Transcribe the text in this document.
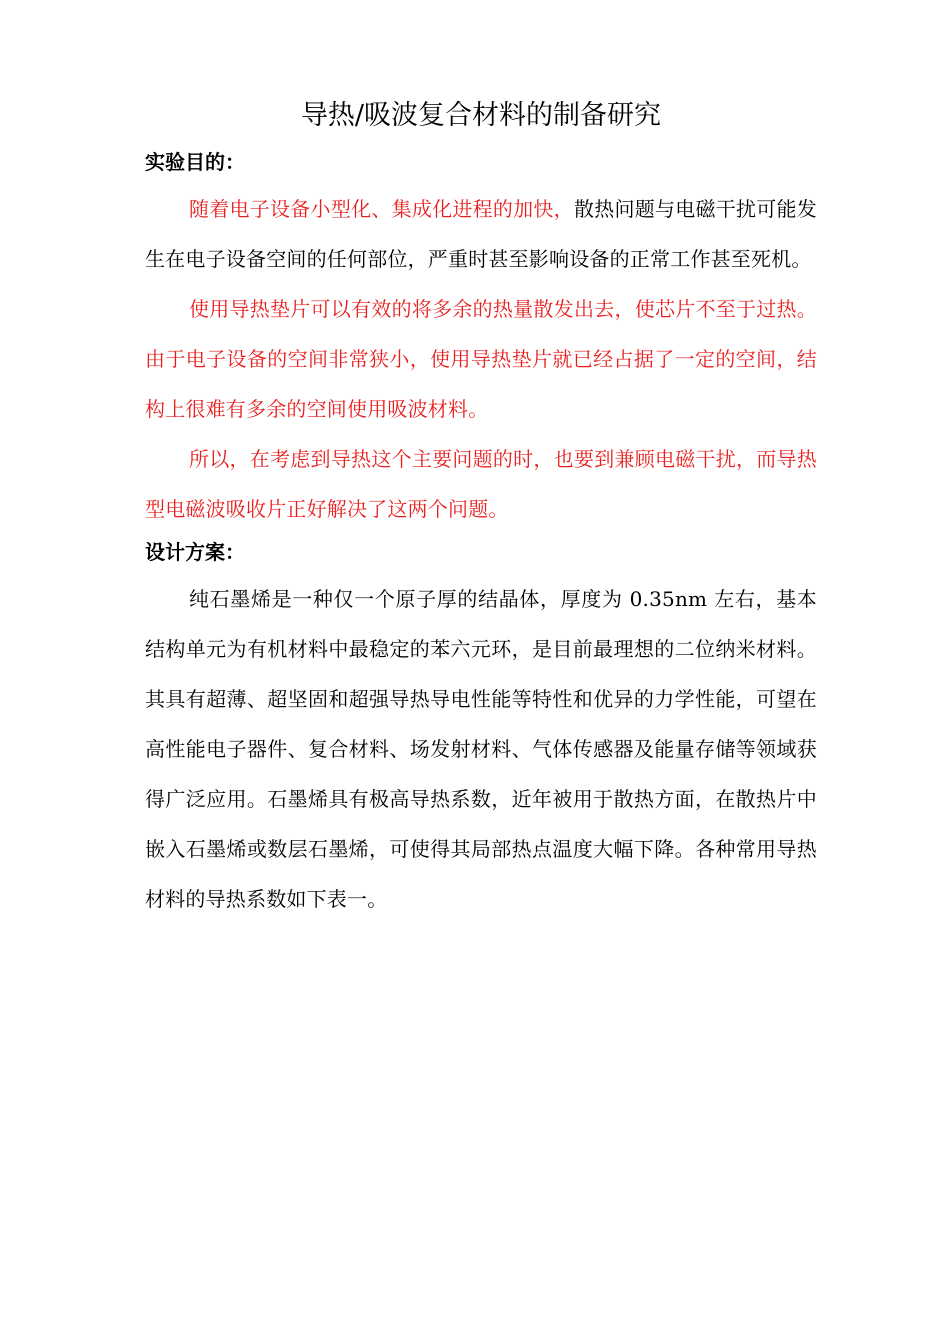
导热/吸波复合材料的制备研究
实验目的：

随着电子设备小型化、集成化进程的加快，散热问题与电磁干扰可能发生在电子设备空间的任何部位，严重时甚至影响设备的正常工作甚至死机。

使用导热垫片可以有效的将多余的热量散发出去，使芯片不至于过热。由于电子设备的空间非常狭小，使用导热垫片就已经占据了一定的空间，结构上很难有多余的空间使用吸波材料。

所以，在考虑到导热这个主要问题的时，也要到兼顾电磁干扰，而导热型电磁波吸收片正好解决了这两个问题。

设计方案：

纯石墨烯是一种仅一个原子厚的结晶体，厚度为 0.35nm 左右，基本结构单元为有机材料中最稳定的苯六元环，是目前最理想的二位纳米材料。其具有超薄、超坚固和超强导热导电性能等特性和优异的力学性能，可望在高性能电子器件、复合材料、场发射材料、气体传感器及能量存储等领域获得广泛应用。石墨烯具有极高导热系数，近年被用于散热方面，在散热片中嵌入石墨烯或数层石墨烯，可使得其局部热点温度大幅下降。各种常用导热材料的导热系数如下表一。
